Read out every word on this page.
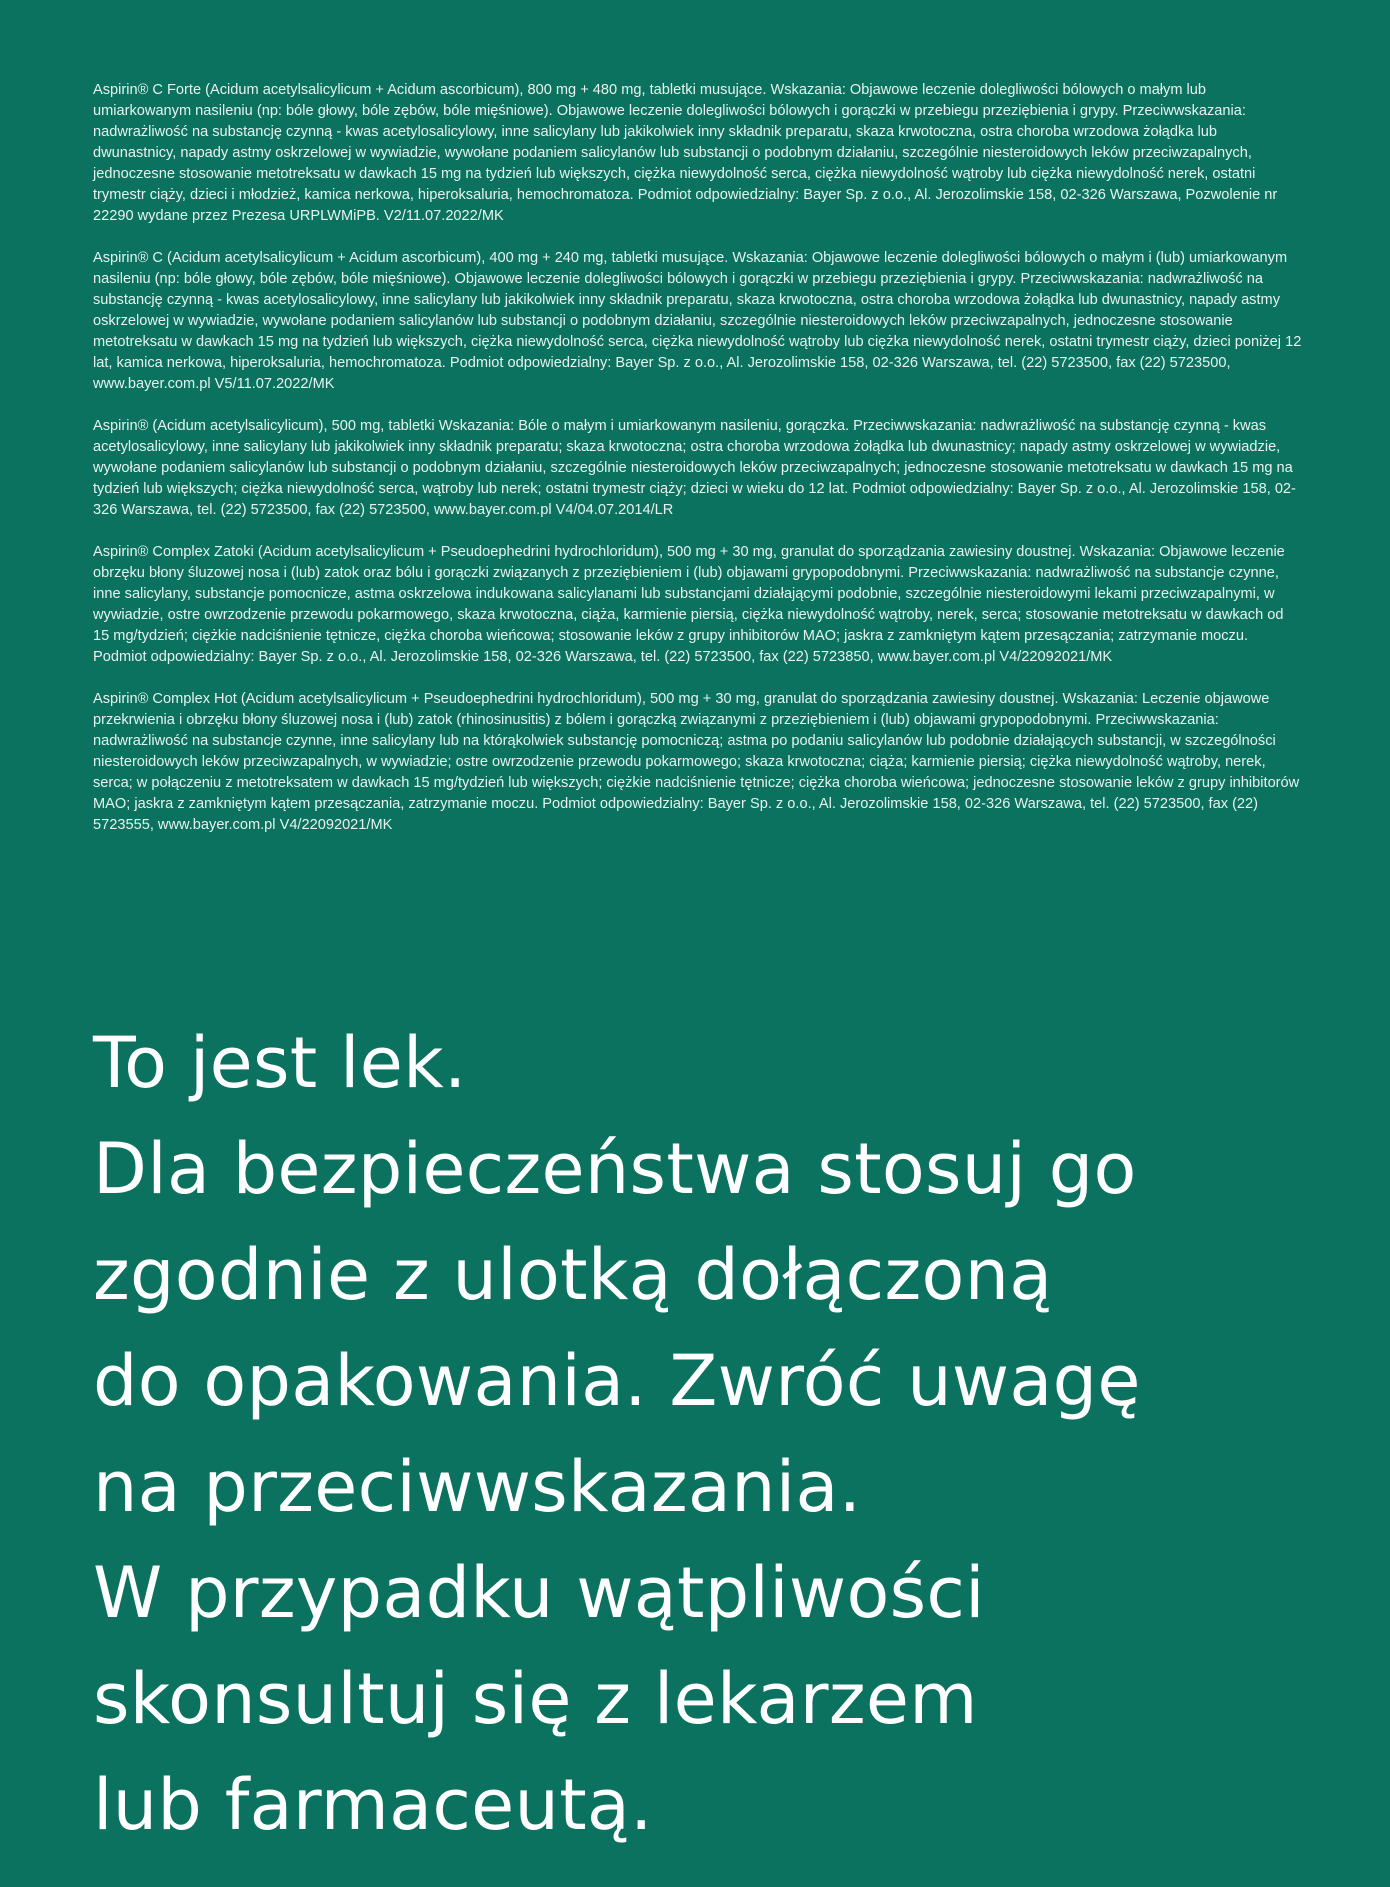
Aspirin® C Forte (Acidum acetylsalicylicum + Acidum ascorbicum), 800 mg + 480 mg, tabletki musujące. Wskazania: Objawowe leczenie dolegliwości bólowych o małym lub umiarkowanym nasileniu (np: bóle głowy, bóle zębów, bóle mięśniowe). Objawowe leczenie dolegliwości bólowych i gorączki w przebiegu przeziębienia i grypy. Przeciwwskazania: nadwrażliwość na substancję czynną - kwas acetylosalicylowy, inne salicylany lub jakikolwiek inny składnik preparatu, skaza krwotoczna, ostra choroba wrzodowa żołądka lub dwunastnicy, napady astmy oskrzelowej w wywiadzie, wywołane podaniem salicylanów lub substancji o podobnym działaniu, szczególnie niesteroidowych leków przeciwzapalnych, jednoczesne stosowanie metotreksatu w dawkach 15 mg na tydzień lub większych, ciężka niewydolność serca, ciężka niewydolność wątroby lub ciężka niewydolność nerek, ostatni trymestr ciąży, dzieci i młodzież, kamica nerkowa, hiperoksaluria, hemochromatoza. Podmiot odpowiedzialny: Bayer Sp. z o.o., Al. Jerozolimskie 158, 02-326 Warszawa, Pozwolenie nr 22290 wydane przez Prezesa URPLWMiPB. V2/11.07.2022/MK

Aspirin® C (Acidum acetylsalicylicum + Acidum ascorbicum), 400 mg + 240 mg, tabletki musujące. Wskazania: Objawowe leczenie dolegliwości bólowych o małym i (lub) umiarkowanym nasileniu (np: bóle głowy, bóle zębów, bóle mięśniowe). Objawowe leczenie dolegliwości bólowych i gorączki w przebiegu przeziębienia i grypy. Przeciwwskazania: nadwrażliwość na substancję czynną - kwas acetylosalicylowy, inne salicylany lub jakikolwiek inny składnik preparatu, skaza krwotoczna, ostra choroba wrzodowa żołądka lub dwunastnicy, napady astmy oskrzelowej w wywiadzie, wywołane podaniem salicylanów lub substancji o podobnym działaniu, szczególnie niesteroidowych leków przeciwzapalnych, jednoczesne stosowanie metotreksatu w dawkach 15 mg na tydzień lub większych, ciężka niewydolność serca, ciężka niewydolność wątroby lub ciężka niewydolność nerek, ostatni trymestr ciąży, dzieci poniżej 12 lat, kamica nerkowa, hiperoksaluria, hemochromatoza. Podmiot odpowiedzialny: Bayer Sp. z o.o., Al. Jerozolimskie 158, 02-326 Warszawa, tel. (22) 5723500, fax (22) 5723500, www.bayer.com.pl V5/11.07.2022/MK

Aspirin® (Acidum acetylsalicylicum), 500 mg, tabletki Wskazania: Bóle o małym i umiarkowanym nasileniu, gorączka. Przeciwwskazania: nadwrażliwość na substancję czynną - kwas acetylosalicylowy, inne salicylany lub jakikolwiek inny składnik preparatu; skaza krwotoczna; ostra choroba wrzodowa żołądka lub dwunastnicy; napady astmy oskrzelowej w wywiadzie, wywołane podaniem salicylanów lub substancji o podobnym działaniu, szczególnie niesteroidowych leków przeciwzapalnych; jednoczesne stosowanie metotreksatu w dawkach 15 mg na tydzień lub większych; ciężka niewydolność serca, wątroby lub nerek; ostatni trymestr ciąży; dzieci w wieku do 12 lat. Podmiot odpowiedzialny: Bayer Sp. z o.o., Al. Jerozolimskie 158, 02-326 Warszawa, tel. (22) 5723500, fax (22) 5723500, www.bayer.com.pl V4/04.07.2014/LR

Aspirin® Complex Zatoki (Acidum acetylsalicylicum + Pseudoephedrini hydrochloridum), 500 mg + 30 mg, granulat do sporządzania zawiesiny doustnej. Wskazania: Objawowe leczenie obrzęku błony śluzowej nosa i (lub) zatok oraz bólu i gorączki związanych z przeziębieniem i (lub) objawami grypopodobnymi. Przeciwwskazania: nadwrażliwość na substancje czynne, inne salicylany, substancje pomocnicze, astma oskrzelowa indukowana salicylanami lub substancjami działającymi podobnie, szczególnie niesteroidowymi lekami przeciwzapalnymi, w wywiadzie, ostre owrzodzenie przewodu pokarmowego, skaza krwotoczna, ciąża, karmienie piersią, ciężka niewydolność wątroby, nerek, serca; stosowanie metotreksatu w dawkach od 15 mg/tydzień; ciężkie nadciśnienie tętnicze, ciężka choroba wieńcowa; stosowanie leków z grupy inhibitorów MAO; jaskra z zamkniętym kątem przesączania; zatrzymanie moczu. Podmiot odpowiedzialny: Bayer Sp. z o.o., Al. Jerozolimskie 158, 02-326 Warszawa, tel. (22) 5723500, fax (22) 5723850, www.bayer.com.pl V4/22092021/MK

Aspirin® Complex Hot (Acidum acetylsalicylicum + Pseudoephedrini hydrochloridum), 500 mg + 30 mg, granulat do sporządzania zawiesiny doustnej. Wskazania: Leczenie objawowe przekrwienia i obrzęku błony śluzowej nosa i (lub) zatok (rhinosinusitis) z bólem i gorączką związanymi z przeziębieniem i (lub) objawami grypopodobnymi. Przeciwwskazania: nadwrażliwość na substancje czynne, inne salicylany lub na którąkolwiek substancję pomocniczą; astma po podaniu salicylanów lub podobnie działających substancji, w szczególności niesteroidowych leków przeciwzapalnych, w wywiadzie; ostre owrzodzenie przewodu pokarmowego; skaza krwotoczna; ciąża; karmienie piersią; ciężka niewydolność wątroby, nerek, serca; w połączeniu z metotreksatem w dawkach 15 mg/tydzień lub większych; ciężkie nadciśnienie tętnicze; ciężka choroba wieńcowa; jednoczesne stosowanie leków z grupy inhibitorów MAO; jaskra z zamkniętym kątem przesączania, zatrzymanie moczu. Podmiot odpowiedzialny: Bayer Sp. z o.o., Al. Jerozolimskie 158, 02-326 Warszawa, tel. (22) 5723500, fax (22) 5723555, www.bayer.com.pl V4/22092021/MK

To jest lek.
Dla bezpieczeństwa stosuj go
zgodnie z ulotką dołączoną
do opakowania. Zwróć uwagę
na przeciwwskazania.
W przypadku wątpliwości
skonsultuj się z lekarzem
lub farmaceutą.
